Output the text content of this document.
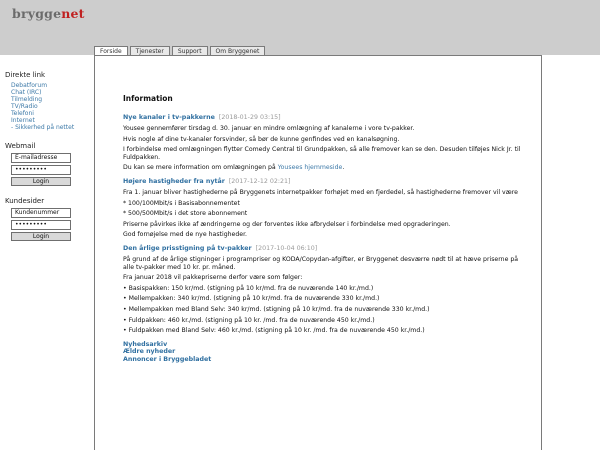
bryggenet
Forside	Tjenester	Support	Om Bryggenet
Direkte link
Debatforum
Chat (IRC)
Tilmelding
TV/Radio
Telefoni
Internet
- Sikkerhed på nettet
Webmail
E-mailadresse
•••••••••
Login
Kundesider
Kundenummer
•••••••••
Login
Information
Nye kanaler i tv-pakkerne [2018-01-29 03:15]
Yousee gennemfører tirsdag d. 30. januar en mindre omlægning af kanalerne i vore tv-pakker.
Hvis nogle af dine tv-kanaler forsvinder, så bør de kunne genfindes ved en kanalsøgning.
I forbindelse med omlægningen flytter Comedy Central til Grundpakken, så alle fremover kan se den. Desuden tilføjes Nick Jr. til Fuldpakken.
Du kan se mere information om omlægningen på Yousees hjemmeside.
Højere hastigheder fra nytår [2017-12-12 02:21]
Fra 1. januar bliver hastighederne på Bryggenets internetpakker forhøjet med en fjerdedel, så hastighederne fremover vil være
* 100/100Mbit/s i Basisabonnementet
* 500/500Mbit/s i det store abonnement
Priserne påvirkes ikke af ændringerne og der forventes ikke afbrydelser i forbindelse med opgraderingen.
God fornøjelse med de nye hastigheder.
Den årlige prisstigning på tv-pakker [2017-10-04 06:10]
På grund af de årlige stigninger i programpriser og KODA/Copydan-afgifter, er Bryggenet desværre nødt til at hæve priserne på alle tv-pakker med 10 kr. pr. måned.
Fra januar 2018 vil pakkepriserne derfor være som følger:
• Basispakken: 150 kr/md. (stigning på 10 kr/md. fra de nuværende 140 kr./md.)
• Mellempakken: 340 kr/md. (stigning på 10 kr/md. fra de nuværende 330 kr./md.)
• Mellempakken med Bland Selv: 340 kr/md. (stigning på 10 kr/md. fra de nuværende 330 kr./md.)
• Fuldpakken: 460 kr./md. (stigning på 10 kr. /md. fra de nuværende 450 kr./md.)
• Fuldpakken med Bland Selv: 460 kr./md. (stigning på 10 kr. /md. fra de nuværende 450 kr./md.)
Nyhedsarkiv
Ældre nyheder
Annoncer i Bryggebladet
